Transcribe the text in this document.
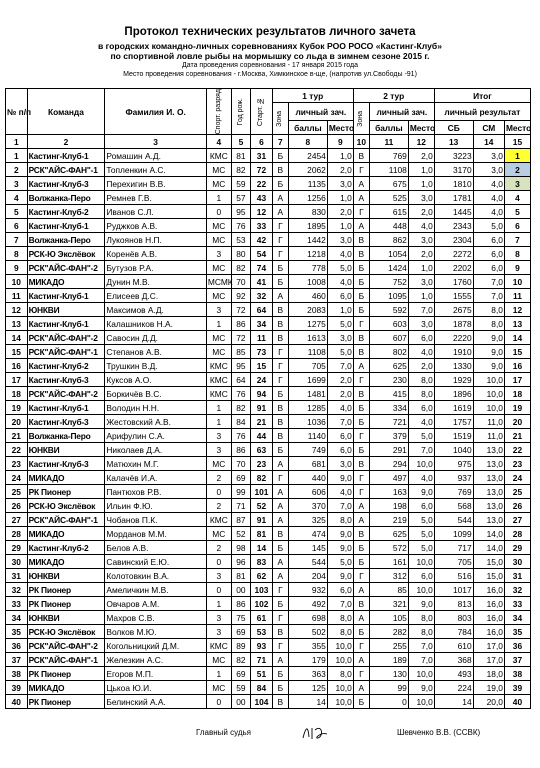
Протокол технических результатов личного зачета
в городских командно-личных соревнованиях Кубок РОО РОСО «Кастинг-Клуб»
по спортивной ловле рыбы на мормышку со льда в зимнем сезоне 2015 г.
Дата проведения соревнования - 17 января 2015 года
Место проведения соревнования - г.Москва, Химкинское в-ще, (напротив ул.Свободы -91)
№ п/п	Команда	Фамилия И. О.	Спорт. разряд	Год рож.	Старт. №	1 тур			2 тур			Итог		

						Зона	личный зач.		Зона	личный зач.		личный результат		
							баллы	Место		баллы	Место	СБ	СМ	Место
1	2	3	4	5	6	7	8	9	10	11	12	13	14	15
1	Кастинг-Клуб-1	Ромашин А.Д.	КМС	81	31	Б	2454	1,0	В	769	2,0	3223	3,0	1
2	РСК"АЙС-ФАН"-1	Топленкин А.С.	МС	82	72	В	2062	2,0	Г	1108	1,0	3170	3,0	2
3	Кастинг-Клуб-3	Перехигин В.В.	МС	59	22	Б	1135	3,0	А	675	1,0	1810	4,0	3
4	Волжанка-Перо	Ремнев Г.В.	1	57	43	А	1256	1,0	А	525	3,0	1781	4,0	4
5	Кастинг-Клуб-2	Иванов С.Л.	0	95	12	А	830	2,0	Г	615	2,0	1445	4,0	5
6	Кастинг-Клуб-1	Руджков А.В.	МС	76	33	Г	1895	1,0	А	448	4,0	2343	5,0	6
7	Волжанка-Перо	Лукоянов Н.П.	МС	53	42	Г	1442	3,0	В	862	3,0	2304	6,0	7
8	РСК-Ю Экслёвок	Коренёв А.В.	3	80	54	Г	1218	4,0	В	1054	2,0	2272	6,0	8
9	РСК"АЙС-ФАН"-2	Бутузов Р.А.	МС	82	74	Б	778	5,0	Б	1424	1,0	2202	6,0	9
10	МИКАДО	Дунин М.В.	МСМК	70	41	Б	1008	4,0	Б	752	3,0	1760	7,0	10
11	Кастинг-Клуб-1	Елисеев Д.С.	МС	92	32	А	460	6,0	Б	1095	1,0	1555	7,0	11
12	ЮНКВИ	Максимов А.Д.	3	72	64	В	2083	1,0	Б	592	7,0	2675	8,0	12
13	Кастинг-Клуб-1	Калашников Н.А.	1	86	34	В	1275	5,0	Г	603	3,0	1878	8,0	13
14	РСК"АЙС-ФАН"-2	Савосин Д.Д.	МС	72	11	В	1613	3,0	В	607	6,0	2220	9,0	14
15	РСК"АЙС-ФАН"-1	Степанов А.В.	МС	85	73	Г	1108	5,0	В	802	4,0	1910	9,0	15
16	Кастинг-Клуб-2	Трушкин В.Д.	КМС	95	15	Г	705	7,0	А	625	2,0	1330	9,0	16
17	Кастинг-Клуб-3	Куксов А.О.	КМС	64	24	Г	1699	2,0	Г	230	8,0	1929	10,0	17
18	РСК"АЙС-ФАН"-2	Боркичёв В.С.	КМС	76	94	Б	1481	2,0	В	415	8,0	1896	10,0	18
19	Кастинг-Клуб-1	Володин Н.Н.	1	82	91	В	1285	4,0	Б	334	6,0	1619	10,0	19
20	Кастинг-Клуб-3	Жестовский А.В.	1	84	21	В	1036	7,0	Б	721	4,0	1757	11,0	20
21	Волжанка-Перо	Арифулин С.А.	3	76	44	В	1140	6,0	Г	379	5,0	1519	11,0	21
22	ЮНКВИ	Николаев Д.А.	3	86	63	Б	749	6,0	Б	291	7,0	1040	13,0	22
23	Кастинг-Клуб-3	Матюхин М.Г.	МС	70	23	А	681	3,0	В	294	10,0	975	13,0	23
24	МИКАДО	Калачёв И.А.	2	69	82	Г	440	9,0	Г	497	4,0	937	13,0	24
25	РК Пионер	Пантюхов Р.В.	0	99	101	А	606	4,0	Г	163	9,0	769	13,0	25
26	РСК-Ю Экслёвок	Ильин Ф.Ю.	2	71	52	А	370	7,0	А	198	6,0	568	13,0	26
27	РСК"АЙС-ФАН"-1	Чобанов П.К.	КМС	87	91	А	325	8,0	А	219	5,0	544	13,0	27
28	МИКАДО	Морданов М.М.	МС	52	81	В	474	9,0	В	625	5,0	1099	14,0	28
29	Кастинг-Клуб-2	Белов А.В.	2	98	14	Б	145	9,0	Б	572	5,0	717	14,0	29
30	МИКАДО	Савинский Е.Ю.	0	96	83	А	544	5,0	Б	161	10,0	705	15,0	30
31	ЮНКВИ	Колотовкин В.А.	3	81	62	А	204	9,0	Г	312	6,0	516	15,0	31
32	РК Пионер	Амеличкин М.В.	0	00	103	Г	932	6,0	А	85	10,0	1017	16,0	32
33	РК Пионер	Овчаров А.М.	1	86	102	Б	492	7,0	В	321	9,0	813	16,0	33
34	ЮНКВИ	Махров С.В.	3	75	61	Г	698	8,0	А	105	8,0	803	16,0	34
35	РСК-Ю Экслёвок	Волков М.Ю.	3	69	53	В	502	8,0	Б	282	8,0	784	16,0	35
36	РСК"АЙС-ФАН"-2	Когольницкий Д.М.	КМС	89	93	Г	355	10,0	Г	255	7,0	610	17,0	36
37	РСК"АЙС-ФАН"-1	Железкин А.С.	МС	82	71	А	179	10,0	А	189	7,0	368	17,0	37
38	РК Пионер	Егоров М.П.	1	69	51	Б	363	8,0	Г	130	10,0	493	18,0	38
39	МИКАДО	Цькоа Ю.И.	МС	59	84	Б	125	10,0	А	99	9,0	224	19,0	39
40	РК Пионер	Белинский А.А.	0	00	104	В	14	10,0	Б	0	10,0	14	20,0	40
Главный судья	Шевченко В.В. (ССВК)
